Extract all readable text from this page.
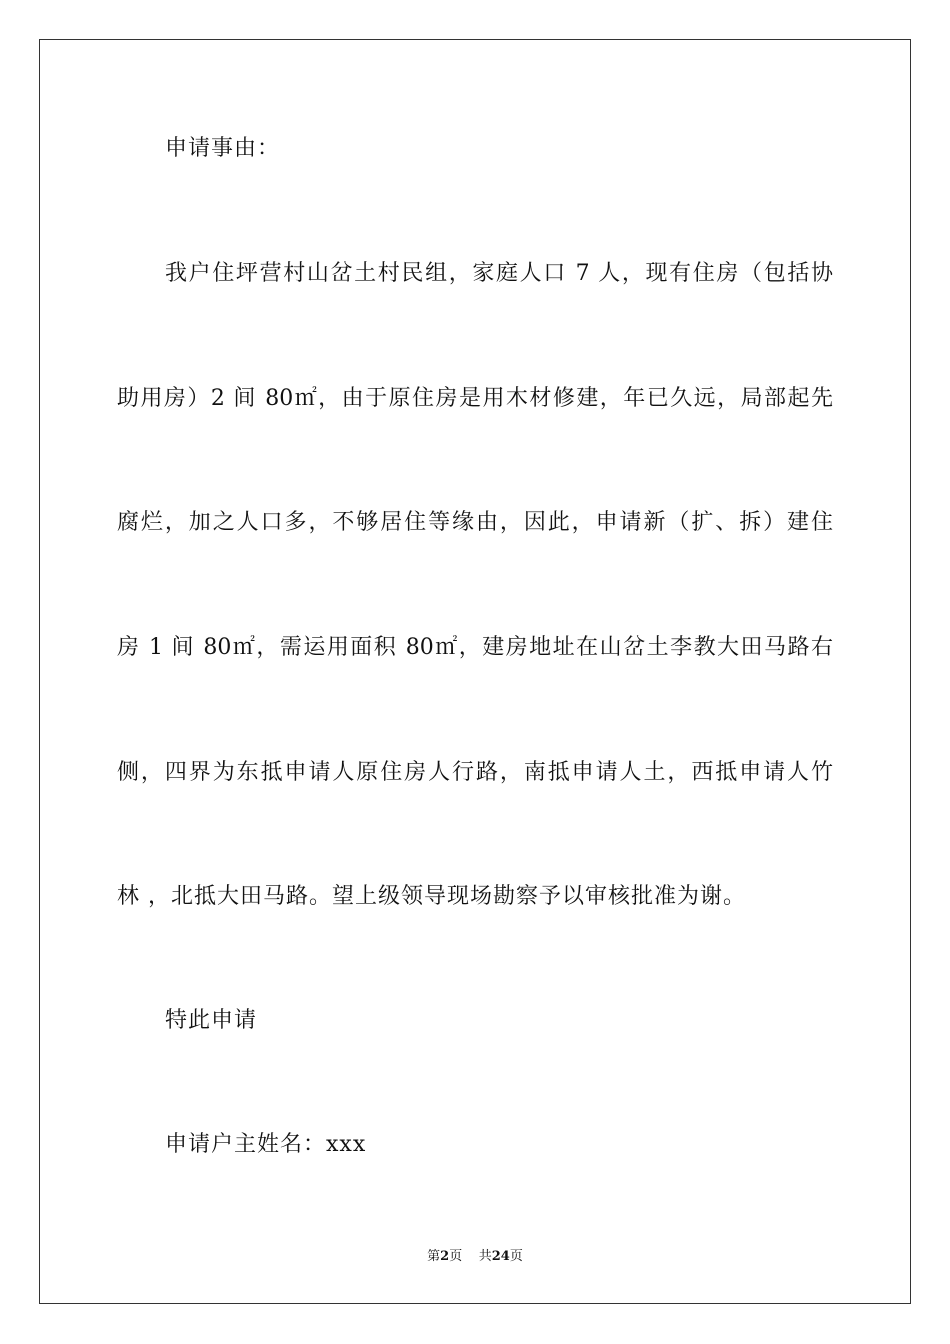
申请事由：
我户住坪营村山岔土村民组，家庭人口 7 人，现有住房（包括协
助用房）2 间 80㎡，由于原住房是用木材修建，年已久远，局部起先
腐烂，加之人口多，不够居住等缘由，因此，申请新（扩、拆）建住
房 1 间 80㎡，需运用面积 80㎡，建房地址在山岔土李教大田马路右
侧，四界为东抵申请人原住房人行路，南抵申请人土，西抵申请人竹
林 ，北抵大田马路。望上级领导现场勘察予以审核批准为谢。
特此申请
申请户主姓名：xxx
第2页 共24页
